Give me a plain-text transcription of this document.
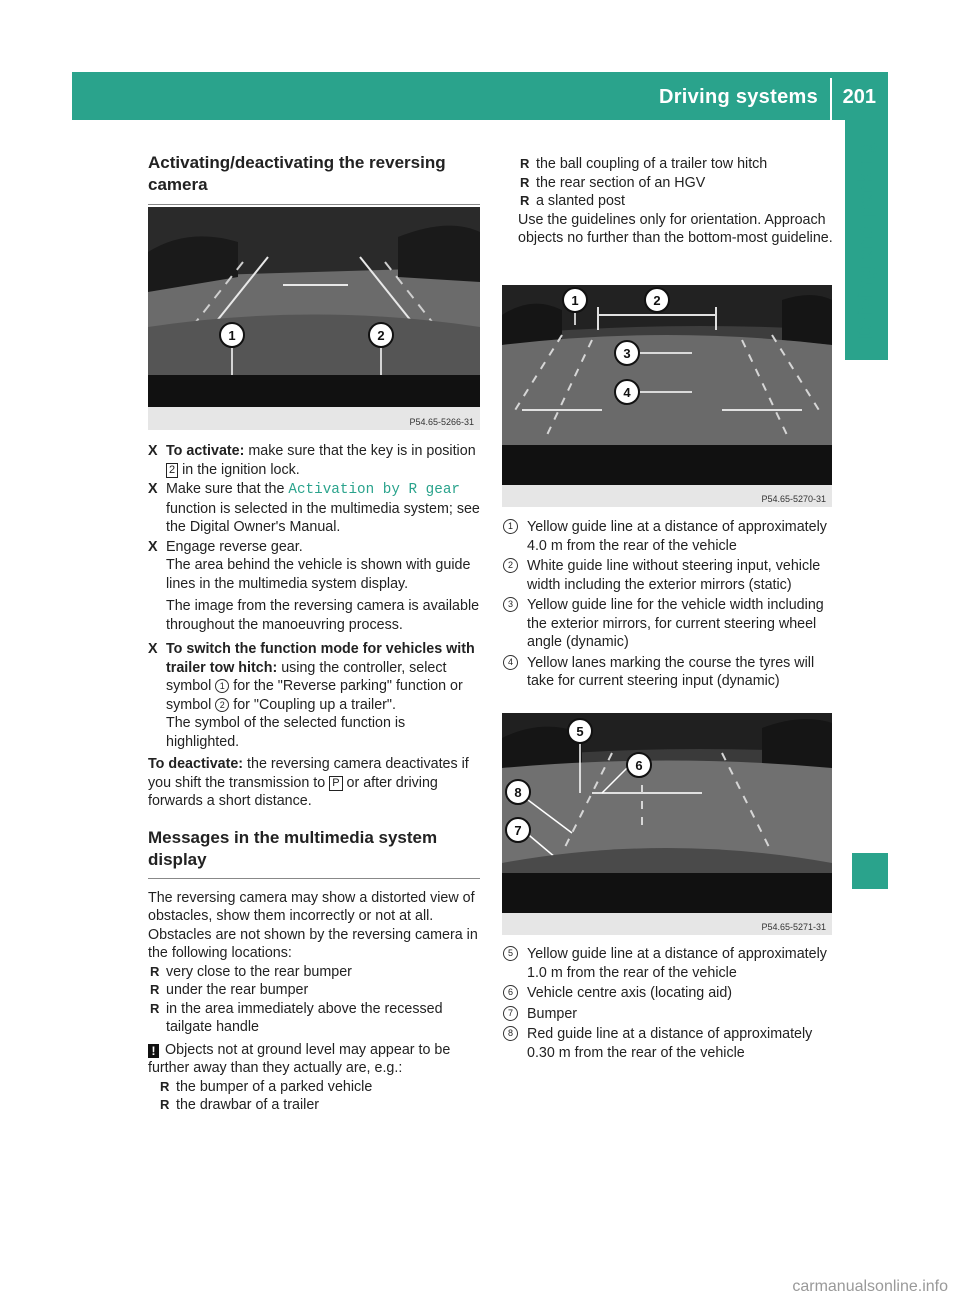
Driving systems 201
Driving and parking
Activating/deactivating the reversing camera
1	2
P54.65-5266-31
X To activate: make sure that the key is in position 2 in the ignition lock.
X Make sure that the Activation by R gear function is selected in the multimedia system; see the Digital Owner's Manual.
X Engage reverse gear.
The area behind the vehicle is shown with guide lines in the multimedia system display.

The image from the reversing camera is available throughout the manoeuvring process.

X To switch the function mode for vehicles with trailer tow hitch: using the controller, select symbol 1 for the "Reverse parking" function or symbol 2 for "Coupling up a trailer".
The symbol of the selected function is highlighted.

To deactivate: the reversing camera deactivates if you shift the transmission to P or after driving forwards a short distance.

Messages in the multimedia system display

The reversing camera may show a distorted view of obstacles, show them incorrectly or not at all. Obstacles are not shown by the reversing camera in the following locations:

R very close to the rear bumper
R under the rear bumper
R in the area immediately above the recessed tailgate handle

! Objects not at ground level may appear to be further away than they actually are, e.g.:

R the bumper of a parked vehicle
R the drawbar of a trailer
R the ball coupling of a trailer tow hitch
R the rear section of an HGV
R a slanted post

Use the guidelines only for orientation. Approach objects no further than the bottom-most guideline.

1	2
3
4
P54.65-5270-31
1 Yellow guide line at a distance of approximately 4.0 m from the rear of the vehicle
2 White guide line without steering input, vehicle width including the exterior mirrors (static)
3 Yellow guide line for the vehicle width including the exterior mirrors, for current steering wheel angle (dynamic)
4 Yellow lanes marking the course the tyres will take for current steering input (dynamic)
5
6
8
7
P54.65-5271-31
5 Yellow guide line at a distance of approximately 1.0 m from the rear of the vehicle
6 Vehicle centre axis (locating aid)
7 Bumper
8 Red guide line at a distance of approximately 0.30 m from the rear of the vehicle
carmanualsonline.info
